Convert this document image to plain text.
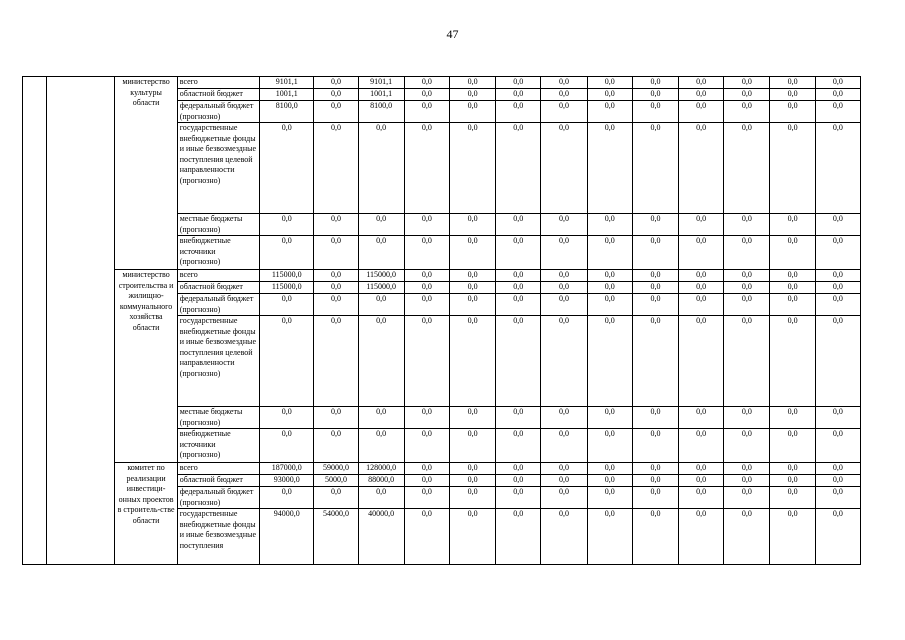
47
		министерство культуры области	всего	9101,1	0,0	9101,1	0,0	0,0	0,0	0,0	0,0	0,0	0,0	0,0	0,0	0,0
			областной бюджет	1001,1	0,0	1001,1	0,0	0,0	0,0	0,0	0,0	0,0	0,0	0,0	0,0	0,0
			федеральный бюджет (прогнозно)	8100,0	0,0	8100,0	0,0	0,0	0,0	0,0	0,0	0,0	0,0	0,0	0,0	0,0
			государственные внебюджетные фонды и иные безвозмездные поступления целевой направленности (прогнозно)	0,0	0,0	0,0	0,0	0,0	0,0	0,0	0,0	0,0	0,0	0,0	0,0	0,0
			местные бюджеты (прогнозно)	0,0	0,0	0,0	0,0	0,0	0,0	0,0	0,0	0,0	0,0	0,0	0,0	0,0
			внебюджетные источники (прогнозно)	0,0	0,0	0,0	0,0	0,0	0,0	0,0	0,0	0,0	0,0	0,0	0,0	0,0
		министерство строительства и жилищно-коммунального хозяйства области	всего	115000,0	0,0	115000,0	0,0	0,0	0,0	0,0	0,0	0,0	0,0	0,0	0,0	0,0
			областной бюджет	115000,0	0,0	115000,0	0,0	0,0	0,0	0,0	0,0	0,0	0,0	0,0	0,0	0,0
			федеральный бюджет (прогнозно)	0,0	0,0	0,0	0,0	0,0	0,0	0,0	0,0	0,0	0,0	0,0	0,0	0,0
			государственные внебюджетные фонды и иные безвозмездные поступления целевой направленности (прогнозно)	0,0	0,0	0,0	0,0	0,0	0,0	0,0	0,0	0,0	0,0	0,0	0,0	0,0
			местные бюджеты (прогнозно)	0,0	0,0	0,0	0,0	0,0	0,0	0,0	0,0	0,0	0,0	0,0	0,0	0,0
			внебюджетные источники (прогнозно)	0,0	0,0	0,0	0,0	0,0	0,0	0,0	0,0	0,0	0,0	0,0	0,0	0,0
		комитет по реализации инвестици-онных проектов в строитель-стве области	всего	187000,0	59000,0	128000,0	0,0	0,0	0,0	0,0	0,0	0,0	0,0	0,0	0,0	0,0
			областной бюджет	93000,0	5000,0	88000,0	0,0	0,0	0,0	0,0	0,0	0,0	0,0	0,0	0,0	0,0
			федеральный бюджет (прогнозно)	0,0	0,0	0,0	0,0	0,0	0,0	0,0	0,0	0,0	0,0	0,0	0,0	0,0
			государственные внебюджетные фонды и иные безвозмездные поступления	94000,0	54000,0	40000,0	0,0	0,0	0,0	0,0	0,0	0,0	0,0	0,0	0,0	0,0
